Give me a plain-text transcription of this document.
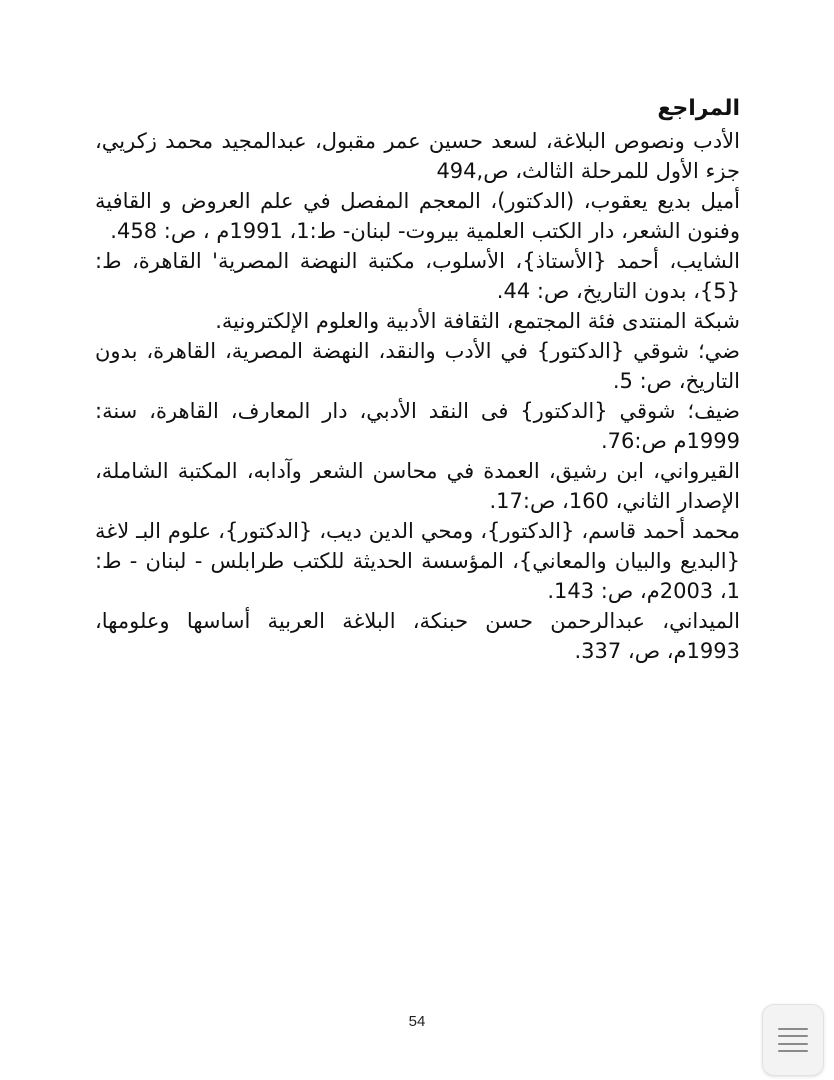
المراجع
الأدب ونصوص البلاغة، لسعد حسين عمر مقبول، عبدالمجيد محمد زكريي، جزء الأول للمرحلة الثالث، ص,494
أميل بديع يعقوب، (الدكتور)، المعجم المفصل في علم العروض و القافية وفنون الشعر، دار الكتب العلمية بيروت- لبنان- ط:1، 1991م ، ص: 458.
الشايب، أحمد {الأستاذ}، الأسلوب، مكتبة النهضة المصرية' القاهرة، ط:{5}، بدون التاريخ، ص: 44.
شبكة المنتدى فئة المجتمع، الثقافة الأدبية والعلوم الإلكترونية.
ضي؛ شوقي {الدكتور} في الأدب والنقد، النهضة المصرية، القاهرة، بدون التاريخ، ص: 5.
ضيف؛ شوقي {الدكتور} فى النقد الأدبي، دار المعارف، القاهرة، سنة: 1999م ص:76.
القيرواني، ابن رشيق، العمدة في محاسن الشعر وآدابه، المكتبة الشاملة، الإصدار الثاني، 160، ص:17.
محمد أحمد قاسم، {الدكتور}، ومحي الدين ديب، {الدكتور}، علوم البـ لاغة {البديع والبيان والمعاني}، المؤسسة الحديثة للكتب طرابلس - لبنان - ط: 1، 2003م، ص: 143.
الميداني، عبدالرحمن حسن حبنكة، البلاغة العربية أساسها وعلومها، 1993م، ص، 337.
54
